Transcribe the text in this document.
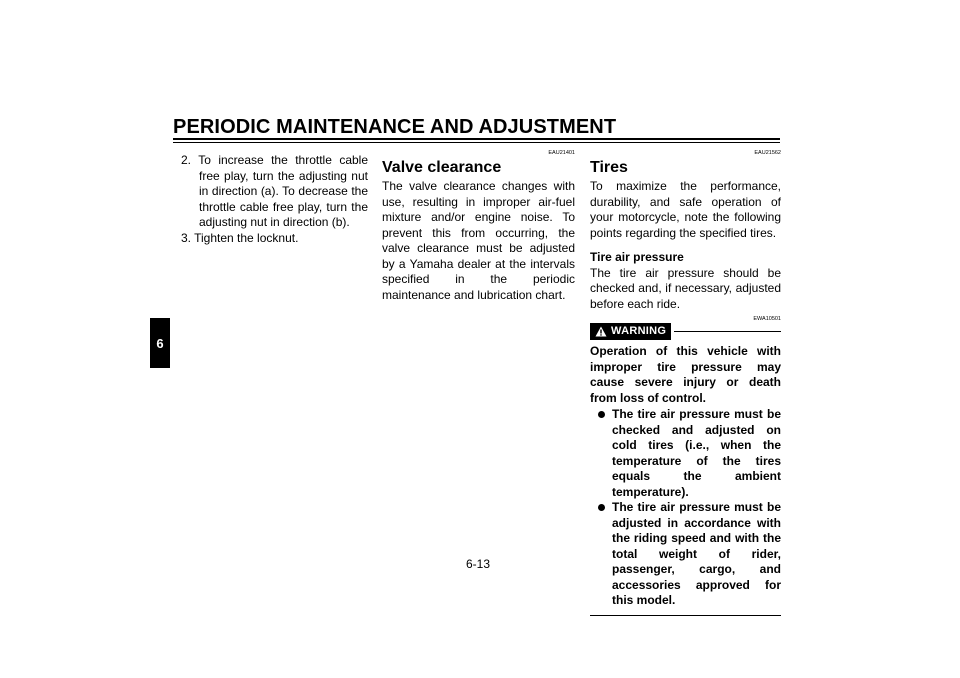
PERIODIC MAINTENANCE AND ADJUSTMENT
6

2. To increase the throttle cable free play, turn the adjusting nut in direction (a). To decrease the throttle cable free play, turn the adjusting nut in direction (b).

3. Tighten the locknut.

EAU21401
Valve clearance

The valve clearance changes with use, resulting in improper air-fuel mixture and/or engine noise. To prevent this from occurring, the valve clearance must be adjusted by a Yamaha dealer at the intervals specified in the periodic maintenance and lubrication chart.

EAU21562
Tires

To maximize the performance, durability, and safe operation of your motorcycle, note the following points regarding the specified tires.

Tire air pressure

The tire air pressure should be checked and, if necessary, adjusted before each ride.

EWA10501
WARNING

Operation of this vehicle with improper tire pressure may cause severe injury or death from loss of control.

The tire air pressure must be checked and adjusted on cold tires (i.e., when the temperature of the tires equals the ambient temperature).
The tire air pressure must be adjusted in accordance with the riding speed and with the total weight of rider, passenger, cargo, and accessories approved for this model.
6-13
